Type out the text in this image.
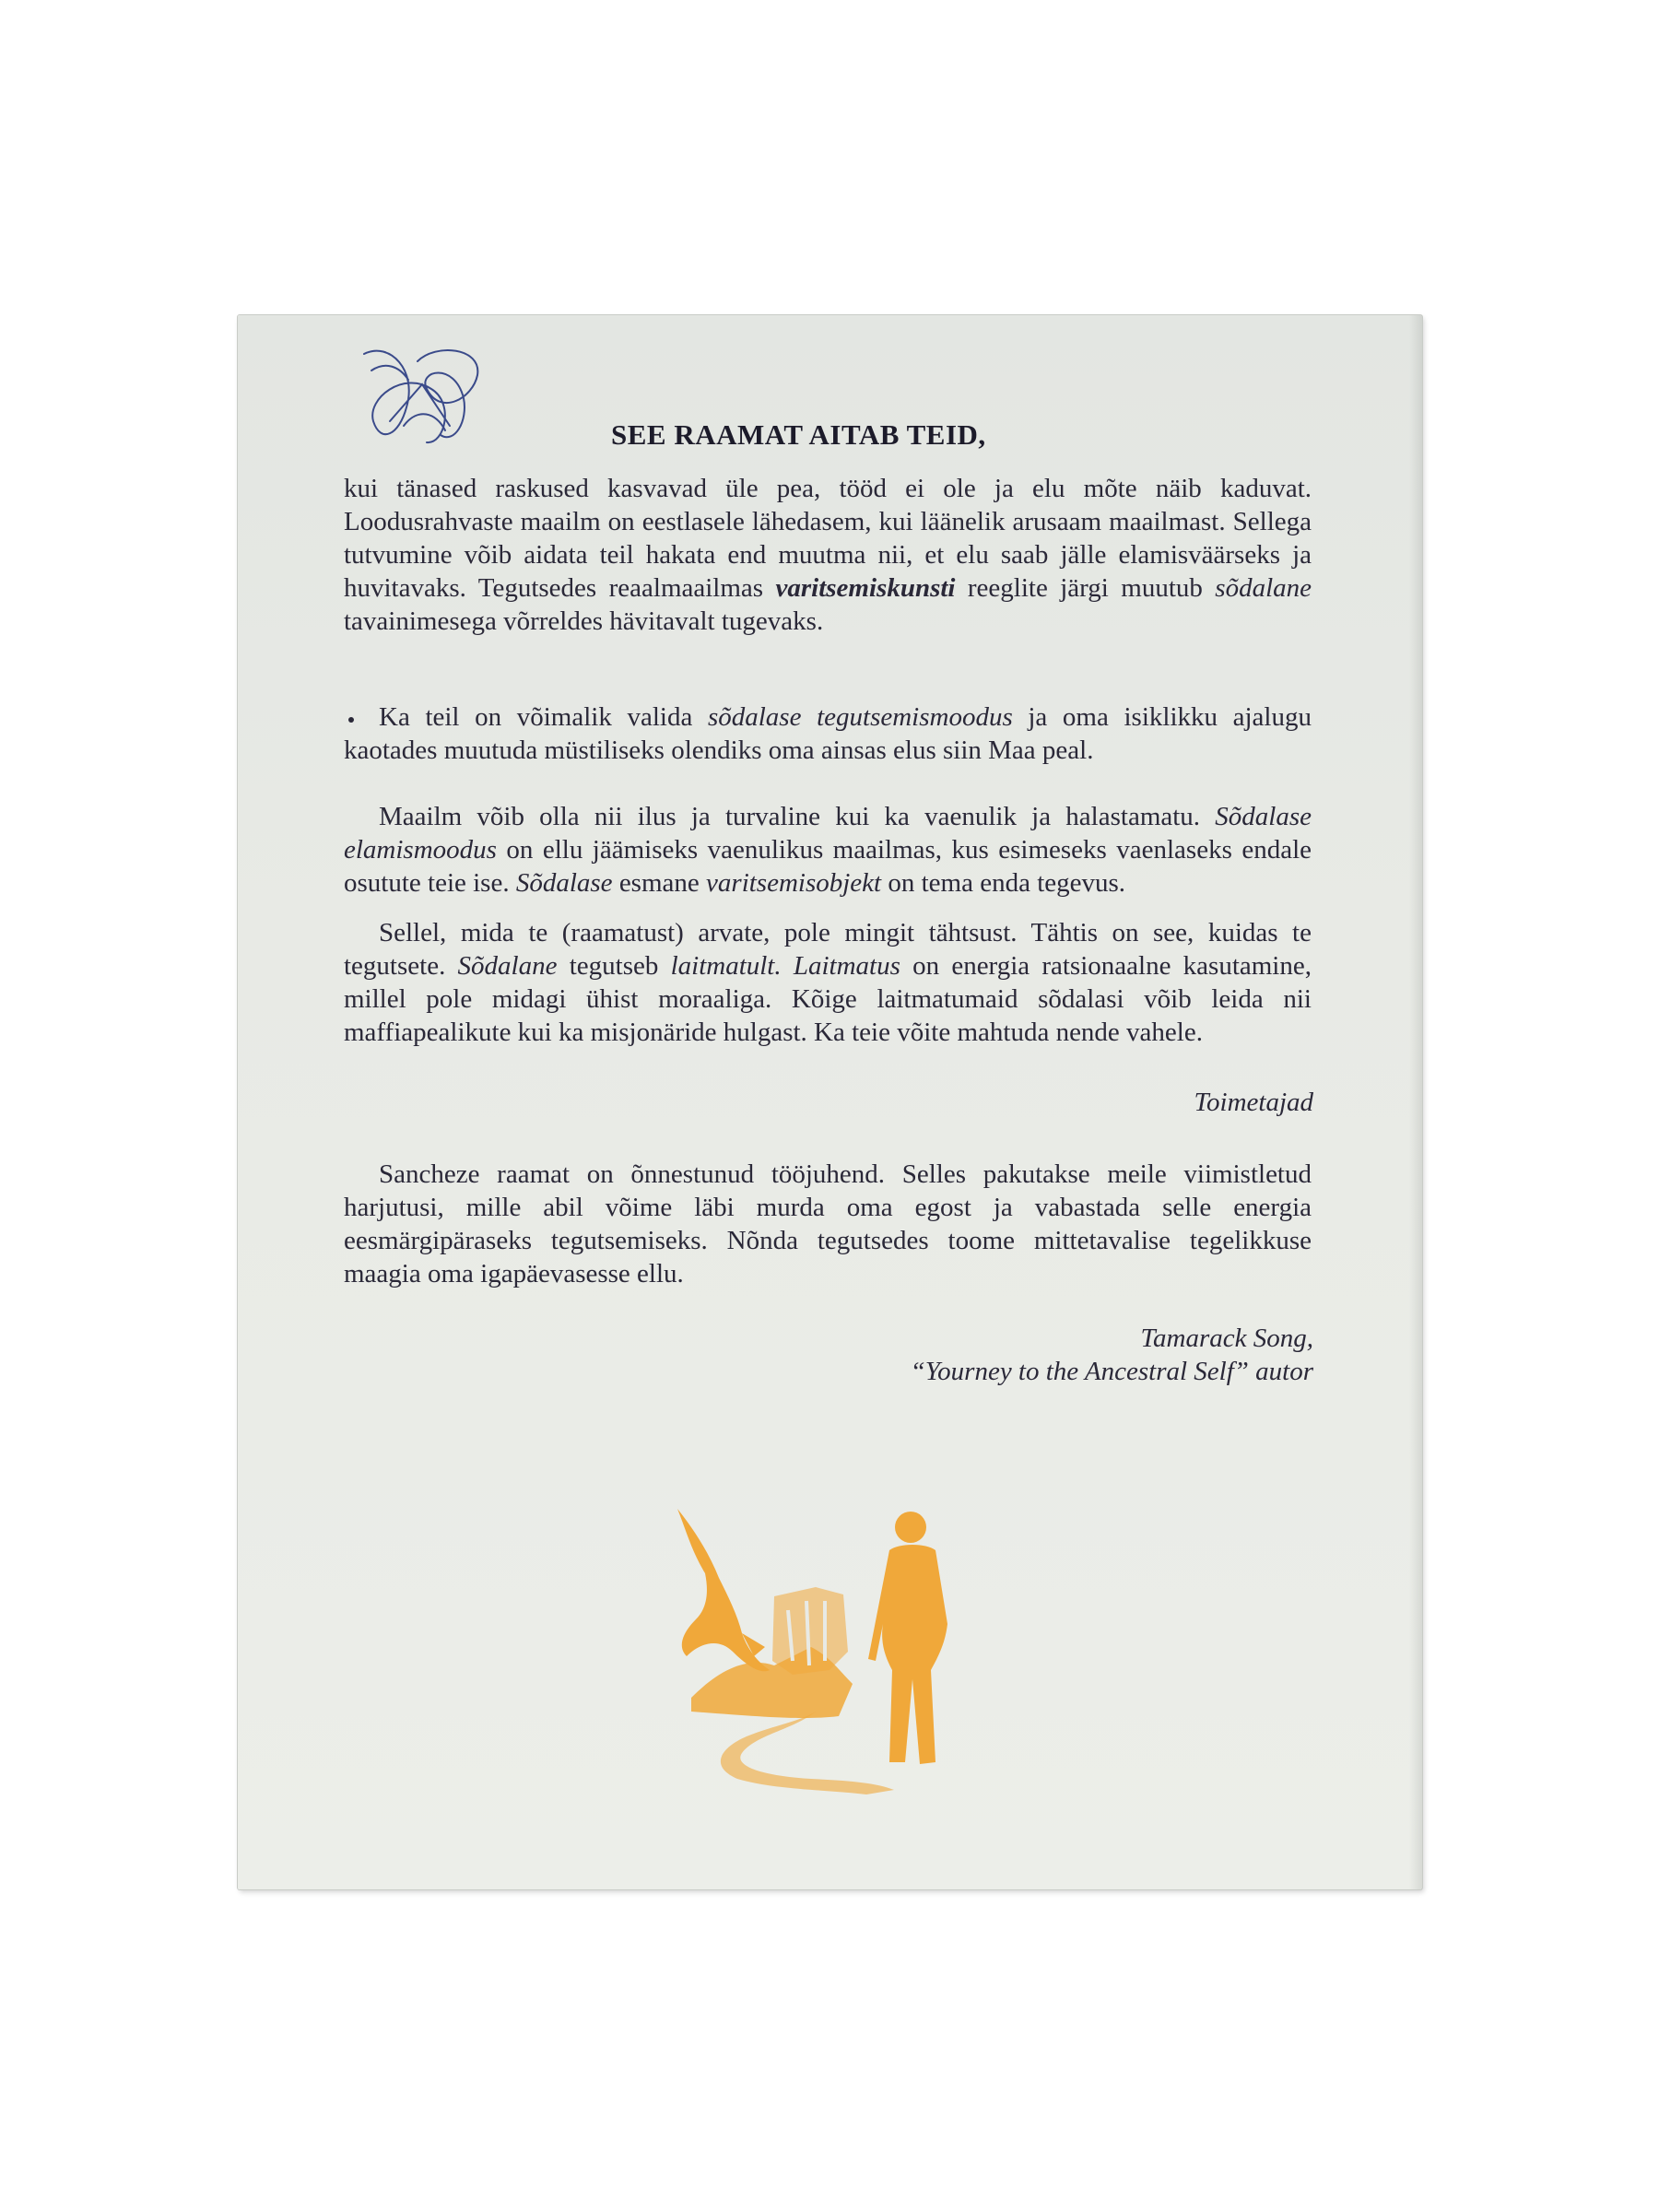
SEE RAAMAT AITAB TEID,

kui tänased raskused kasvavad üle pea, tööd ei ole ja elu mõte näib kaduvat. Loodusrahvaste maailm on eestlasele lähedasem, kui läänelik arusaam maailmast. Sellega tutvumine võib aidata teil hakata end muutma nii, et elu saab jälle elamisväärseks ja huvitavaks. Tegutsedes reaalmaailmas varitsemiskunsti reeglite järgi muutub sõdalane tavainimesega võrreldes hävitavalt tugevaks.

Ka teil on võimalik valida sõdalase tegutsemismoodus ja oma isiklikku ajalugu kaotades muutuda müstiliseks olendiks oma ainsas elus siin Maa peal.

Maailm võib olla nii ilus ja turvaline kui ka vaenulik ja halastamatu. Sõdalase elamismoodus on ellu jäämiseks vaenulikus maailmas, kus esimeseks vaenlaseks endale osutute teie ise. Sõdalase esmane varitsemisobjekt on tema enda tegevus.

Sellel, mida te (raamatust) arvate, pole mingit tähtsust. Tähtis on see, kuidas te tegutsete. Sõdalane tegutseb laitmatult. Laitmatus on energia ratsionaalne kasutamine, millel pole midagi ühist moraaliga. Kõige laitmatumaid sõdalasi võib leida nii maffiapealikute kui ka misjonäride hulgast. Ka teie võite mahtuda nende vahele.

Toimetajad

Sancheze raamat on õnnestunud tööjuhend. Selles pakutakse meile viimistletud harjutusi, mille abil võime läbi murda oma egost ja vabastada selle energia eesmärgipäraseks tegutsemiseks. Nõnda tegutsedes toome mittetavalise tegelikkuse maagia oma igapäevasesse ellu.

Tamarack Song,
“Yourney to the Ancestral Self” autor
